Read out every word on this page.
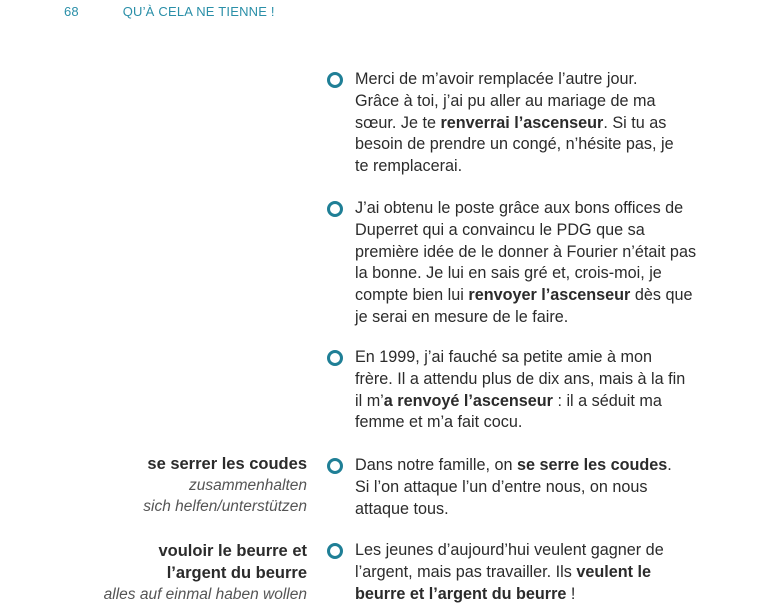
68	QU’À CELA NE TIENNE !
Merci de m’avoir remplacée l’autre jour. Grâce à toi, j’ai pu aller au mariage de ma sœur. Je te renverrai l’ascenseur. Si tu as besoin de prendre un congé, n’hésite pas, je te remplacerai.
J’ai obtenu le poste grâce aux bons offices de Duperret qui a convaincu le PDG que sa première idée de le donner à Fourier n’était pas la bonne. Je lui en sais gré et, crois-moi, je compte bien lui renvoyer l’ascenseur dès que je serai en mesure de le faire.
En 1999, j’ai fauché sa petite amie à mon frère. Il a attendu plus de dix ans, mais à la fin il m’a renvoyé l’ascenseur : il a séduit ma femme et m’a fait cocu.
Dans notre famille, on se serre les coudes. Si l’on attaque l’un d’entre nous, on nous attaque tous.
Les jeunes d’aujourd’hui veulent gagner de l’argent, mais pas travailler. Ils veulent le beurre et l’argent du beurre !
se serrer les coudes
zusammenhalten
sich helfen/unterstützen
vouloir le beurre et
l’argent du beurre
alles auf einmal haben wollen
